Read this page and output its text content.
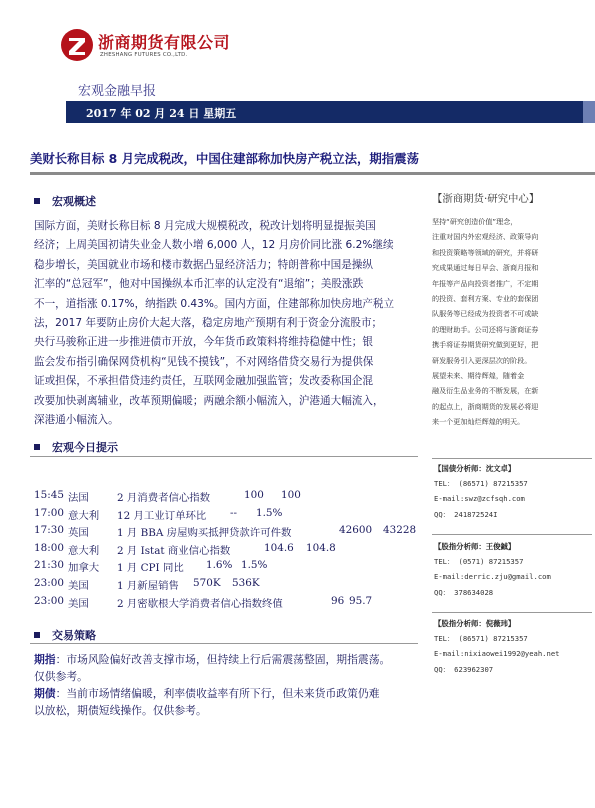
浙商期货有限公司
ZHESHANG FUTURES CO.,LTD.
宏观金融早报
2017 年 02 月 24 日 星期五
美财长称目标 8 月完成税改，中国住建部称加快房产税立法，期指震荡
宏观概述
国际方面，美财长称目标 8 月完成大规模税改，税改计划将明显提振美国
经济；上周美国初请失业金人数小增 6,000 人，12 月房价同比涨 6.2%继续
稳步增长，美国就业市场和楼市数据凸显经济活力；特朗普称中国是操纵
汇率的“总冠军”，他对中国操纵本币汇率的认定没有“退缩”；美股涨跌
不一，道指涨 0.17%，纳指跌 0.43%。国内方面，住建部称加快房地产税立
法，2017 年要防止房价大起大落，稳定房地产预期有利于资金分流股市；
央行马骏称正进一步推进债市开放，今年货币政策料将维持稳健中性；银
监会发布指引确保网贷机构“见钱不摸钱”，不对网络借贷交易行为提供保
证或担保，不承担借贷违约责任，互联网金融加强监管；发改委称国企混
改要加快剥离辅业，改革预期偏暖；两融余额小幅流入，沪港通大幅流入，
深港通小幅流入。
宏观今日提示
15:45 法国	2 月消费者信心指数	100 100
17:00 意大利 12 月工业订单环比 -- 1.5%
17:30 英国	1 月 BBA 房屋购买抵押贷款许可件数	42600 43228
18:00 意大利 2 月 Istat 商业信心指数	104.6 104.8
21:30 加拿大 1 月 CPI 同比 1.6% 1.5%
23:00 美国	1 月新屋销售 570K 536K
23:00 美国	2 月密歇根大学消费者信心指数终值	96 95.7
交易策略
期指：市场风险偏好改善支撑市场，但持续上行后需震荡整固，期指震荡。
仅供参考。
期债：当前市场情绪偏暖，利率债收益率有所下行，但未来货币政策仍难
以放松，期债短线操作。仅供参考。
【浙商期货·研究中心】
坚持“研究创造价值”理念，
注重对国内外宏观经济、政策导向
和投资策略等领域的研究，并将研
究成果通过每日早会、浙商月报和
年报等产品向投资者推广，不定期
的投资、套利方案、专业的套保团
队服务等已经成为投资者不可或缺
的理财助手。公司还将与浙商证券
携手将证券期货研究做到更好，把
研发服务引入更深层次的阶段。
展望未来、期待辉煌，随着金
融及衍生品业务的不断发展，在新
的起点上，浙商期货的发展必将迎
来一个更加灿烂辉煌的明天。
【国债分析师：沈文卓】
TEL： (86571) 87215357
E-mail:swz@zcfsqh.com
QQ： 241872524I
【股指分析师：王俊鋮】
TEL： (0571) 87215357
E-mail:derric.zju@gmail.com
QQ： 378634028
【股指分析师：倪薇玮】
TEL： (86571) 87215357
E-mail:nixiaowei1992@yeah.net
QQ： 623962307
